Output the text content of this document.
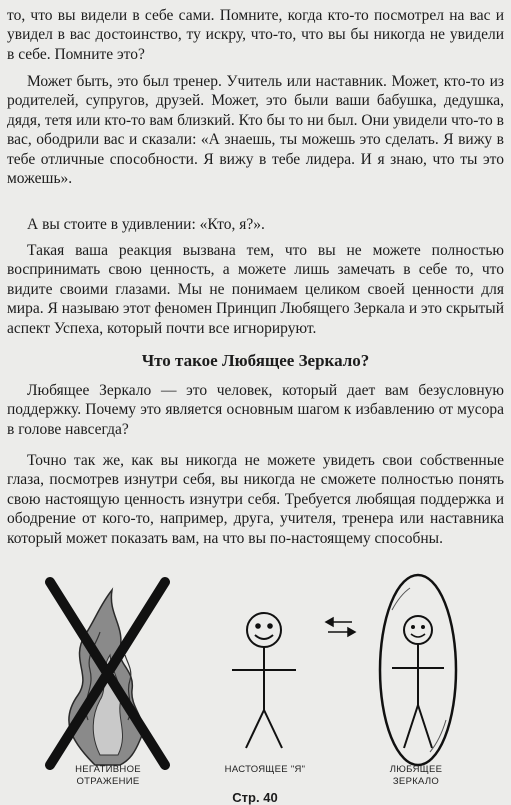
то, что вы видели в себе сами. Помните, когда кто-то посмотрел на вас и увидел в вас достоинство, ту искру, что-то, что вы бы никогда не увидели в себе. Помните это?

Может быть, это был тренер. Учитель или наставник. Может, кто-то из родителей, супругов, друзей. Может, это были ваши бабушка, дедушка, дядя, тетя или кто-то вам близкий. Кто бы то ни был. Они увидели что-то в вас, ободрили вас и сказали: «А знаешь, ты можешь это сделать. Я вижу в тебе отличные способности. Я вижу в тебе лидера. И я знаю, что ты это можешь».

А вы стоите в удивлении: «Кто, я?».

Такая ваша реакция вызвана тем, что вы не можете полностью воспринимать свою ценность, а можете лишь замечать в себе то, что видите своими глазами. Мы не понимаем целиком своей ценности для мира. Я называю этот феномен Принцип Любящего Зеркала и это скрытый аспект Успеха, который почти все игнорируют.

Что такое Любящее Зеркало?

Любящее Зеркало — это человек, который дает вам безусловную поддержку. Почему это является основным шагом к избавлению от мусора в голове навсегда?

Точно так же, как вы никогда не можете увидеть свои собственные глаза, посмотрев изнутри себя, вы никогда не сможете полностью понять свою настоящую ценность изнутри себя. Требуется любящая поддержка и ободрение от кого-то, например, друга, учителя, тренера или наставника который может показать вам, на что вы по-настоящему способны.

НЕГАТИВНОЕ
ОТРАЖЕНИЕ
НАСТОЯЩЕЕ "Я"	ЛЮБЯЩЕЕ
ЗЕРКАЛО
Стр. 40
